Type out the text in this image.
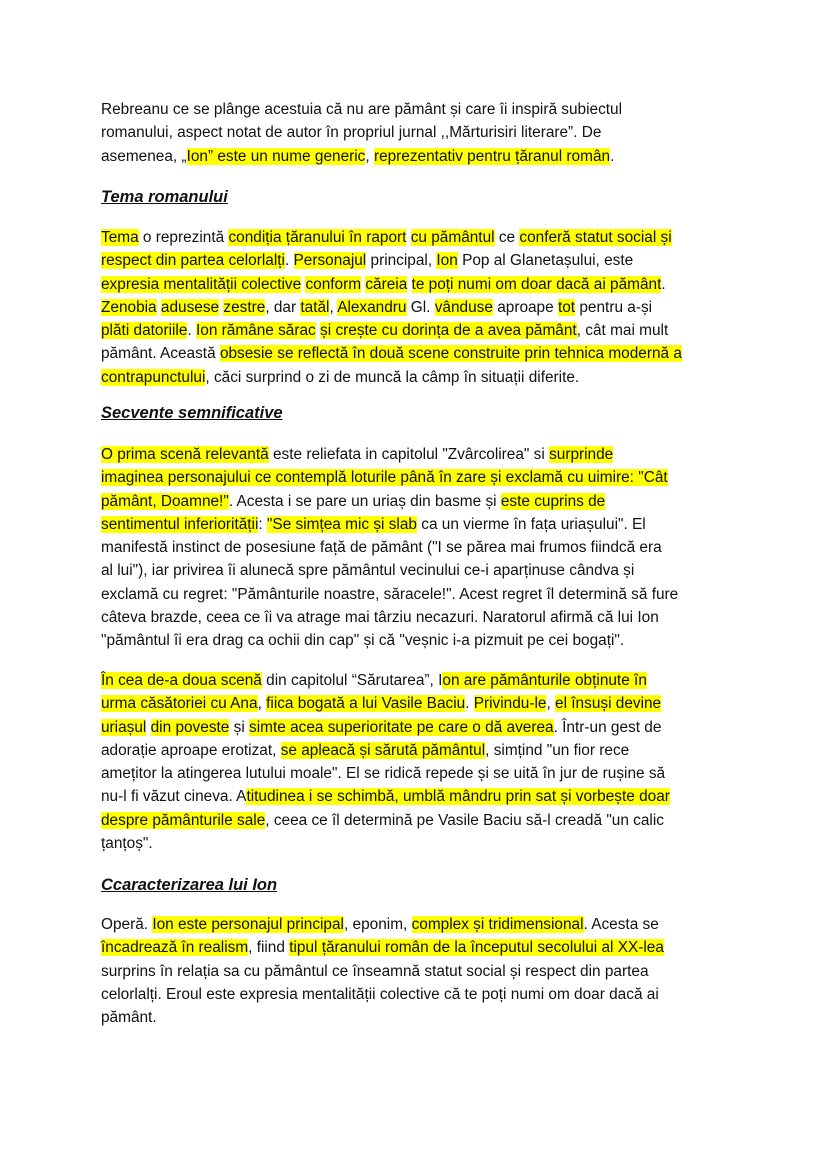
Rebreanu ce se plânge acestuia că nu are pământ și care îi inspiră subiectul
romanului, aspect notat de autor în propriul jurnal ,,Mărturisiri literare”. De
asemenea, „Ion” este un nume generic, reprezentativ pentru țăranul român.
Tema romanului
Tema o reprezintă condiția țăranului în raport cu pământul ce conferă statut social și
respect din partea celorlalți. Personajul principal, Ion Pop al Glanetașului, este
expresia mentalității colective conform căreia te poți numi om doar dacă ai pământ.
Zenobia adusese zestre, dar tatăl, Alexandru Gl. vânduse aproape tot pentru a-și
plăti datoriile. Ion rămâne sărac și crește cu dorința de a avea pământ, cât mai mult
pământ. Această obsesie se reflectă în două scene construite prin tehnica modernă a
contrapunctului, căci surprind o zi de muncă la câmp în situații diferite.
Secvente semnificative
O prima scenă relevantă este reliefata in capitolul "Zvârcolirea" si surprinde
imaginea personajului ce contemplă loturile până în zare și exclamă cu uimire: "Cât
pământ, Doamne!". Acesta i se pare un uriaș din basme și este cuprins de
sentimentul inferiorității: "Se simțea mic și slab ca un vierme în fața uriașului". El
manifestă instinct de posesiune față de pământ ("I se părea mai frumos fiindcă era
al lui"), iar privirea îi alunecă spre pământul vecinului ce-i aparținuse cândva și
exclamă cu regret: "Pământurile noastre, săracele!". Acest regret îl determină să fure
câteva brazde, ceea ce îi va atrage mai târziu necazuri. Naratorul afirmă că lui Ion
"pământul îi era drag ca ochii din cap" și că "veșnic i-a pizmuit pe cei bogați".
În cea de-a doua scenă din capitolul “Sărutarea”, Ion are pământurile obținute în
urma căsătoriei cu Ana, fiica bogată a lui Vasile Baciu. Privindu-le, el însuși devine
uriașul din poveste și simte acea superioritate pe care o dă averea. Într-un gest de
adorație aproape erotizat, se apleacă și sărută pământul, simțind "un fior rece
amețitor la atingerea lutului moale". El se ridică repede și se uită în jur de rușine să
nu-l fi văzut cineva. Atitudinea i se schimbă, umblă mândru prin sat și vorbește doar
despre pământurile sale, ceea ce îl determină pe Vasile Baciu să-l creadă "un calic
țanțoș".
Ccaracterizarea lui Ion
Operă. Ion este personajul principal, eponim, complex și tridimensional. Acesta se
încadrează în realism, fiind tipul țăranului român de la începutul secolului al XX-lea
surprins în relația sa cu pământul ce înseamnă statut social și respect din partea
celorlalți. Eroul este expresia mentalității colective că te poți numi om doar dacă ai
pământ.
